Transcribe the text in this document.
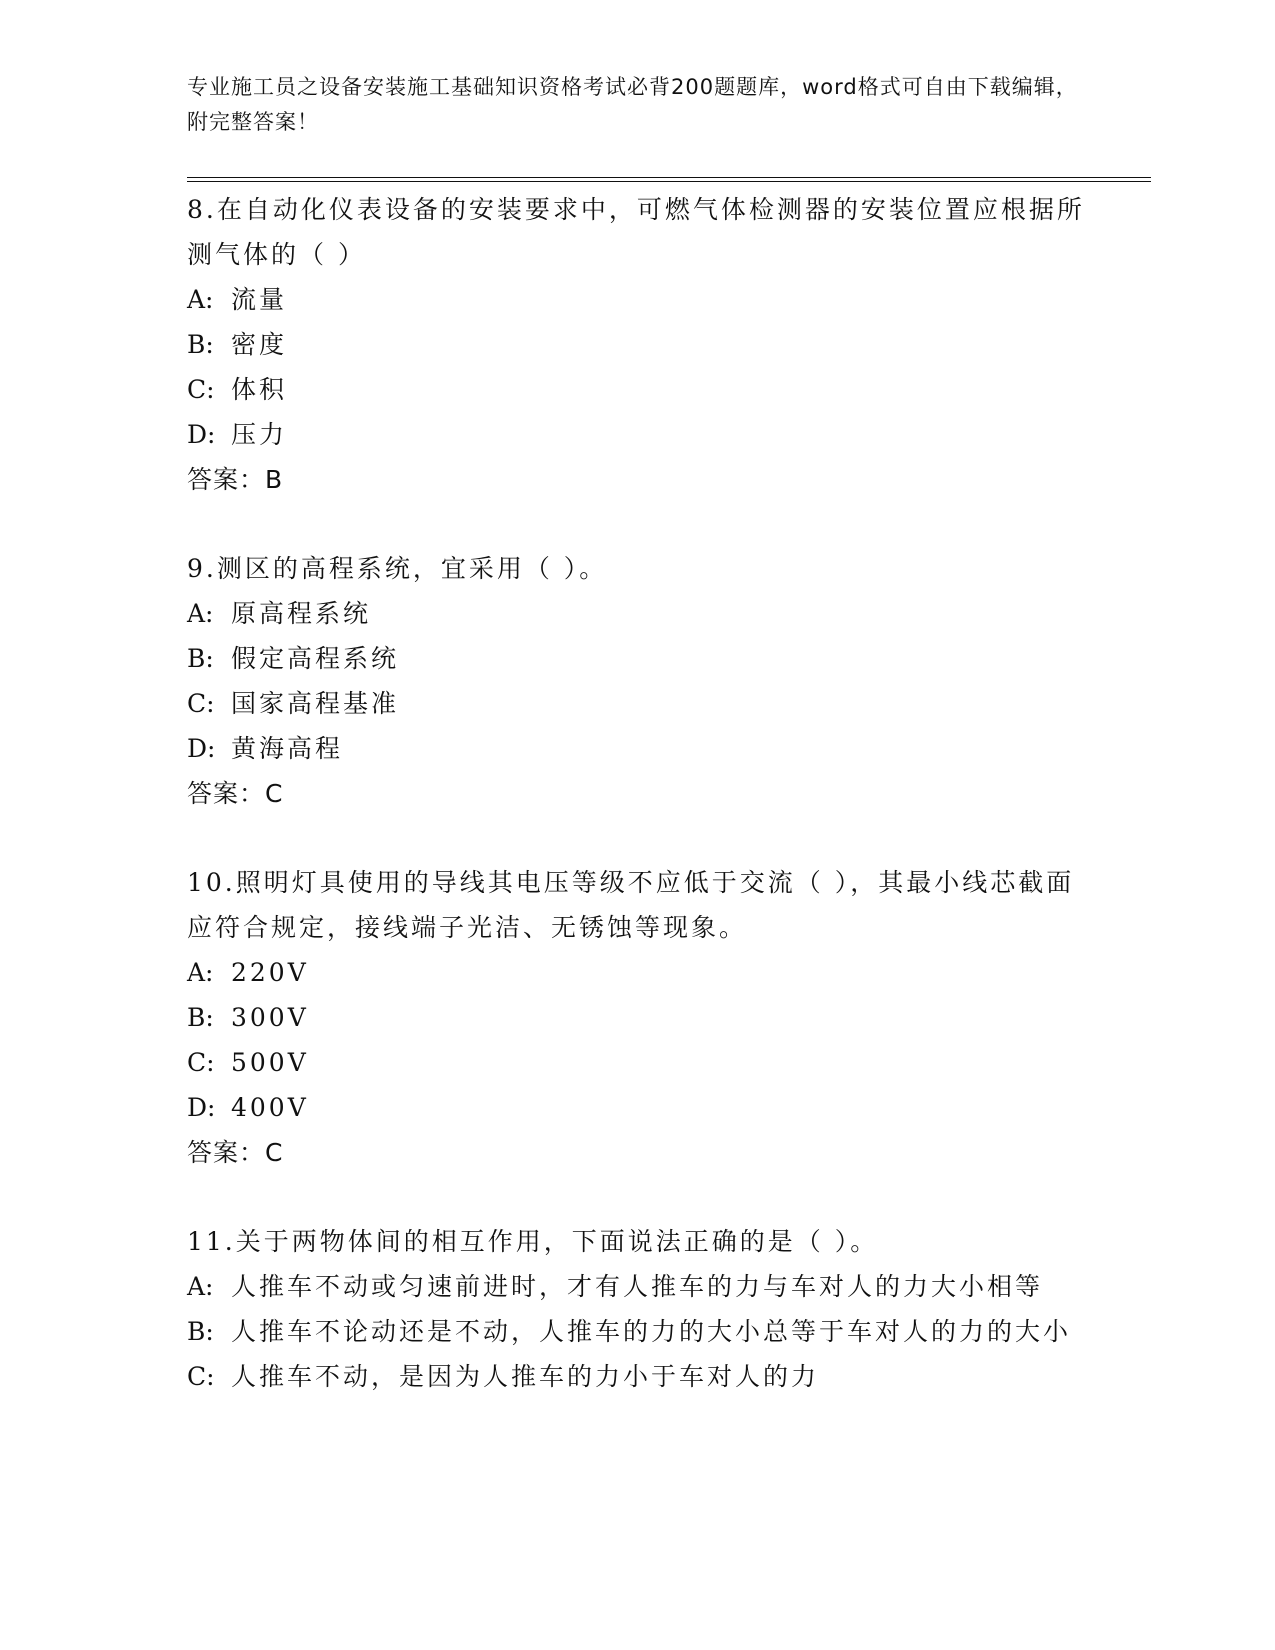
专业施工员之设备安装施工基础知识资格考试必背200题题库，word格式可自由下载编辑，附完整答案！

8.在自动化仪表设备的安装要求中，可燃气体检测器的安装位置应根据所测气体的（ ）

A: 流量

B: 密度

C: 体积

D: 压力

答案：B

9.测区的高程系统，宜采用（ ）。

A: 原高程系统

B: 假定高程系统

C: 国家高程基准

D: 黄海高程

答案：C

10.照明灯具使用的导线其电压等级不应低于交流（ ），其最小线芯截面应符合规定，接线端子光洁、无锈蚀等现象。

A: 220V

B: 300V

C: 500V

D: 400V

答案：C

11.关于两物体间的相互作用，下面说法正确的是（ ）。

A: 人推车不动或匀速前进时，才有人推车的力与车对人的力大小相等

B: 人推车不论动还是不动，人推车的力的大小总等于车对人的力的大小

C: 人推车不动，是因为人推车的力小于车对人的力
